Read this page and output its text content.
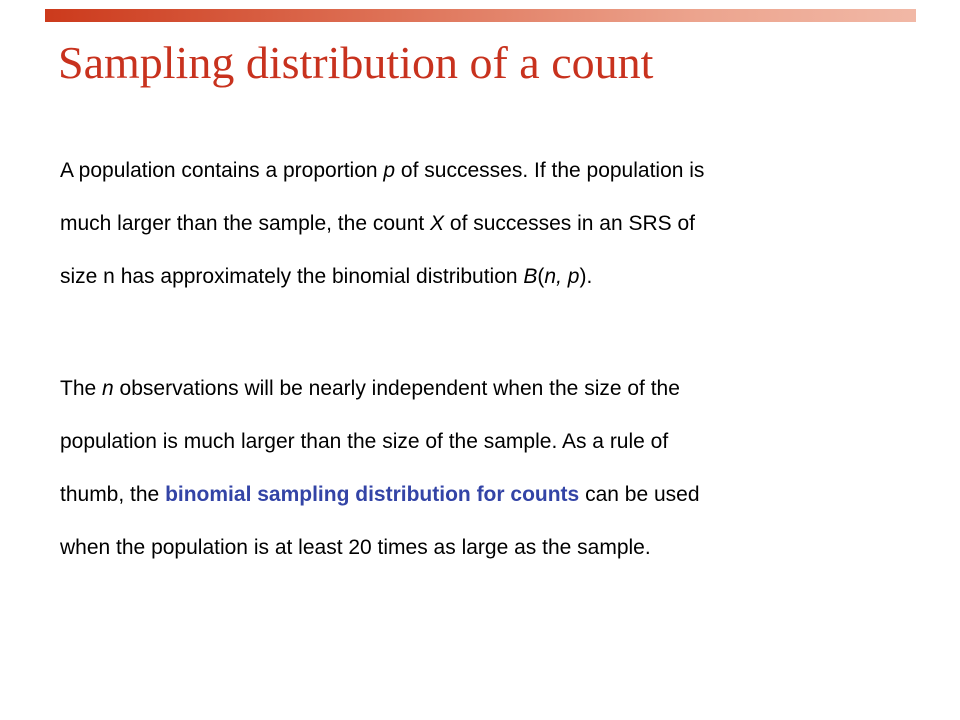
Sampling distribution of a count

A population contains a proportion p of successes. If the population is
much larger than the sample, the count X of successes in an SRS of
size n has approximately the binomial distribution B(n, p).

The n observations will be nearly independent when the size of the
population is much larger than the size of the sample. As a rule of
thumb, the binomial sampling distribution for counts can be used
when the population is at least 20 times as large as the sample.
